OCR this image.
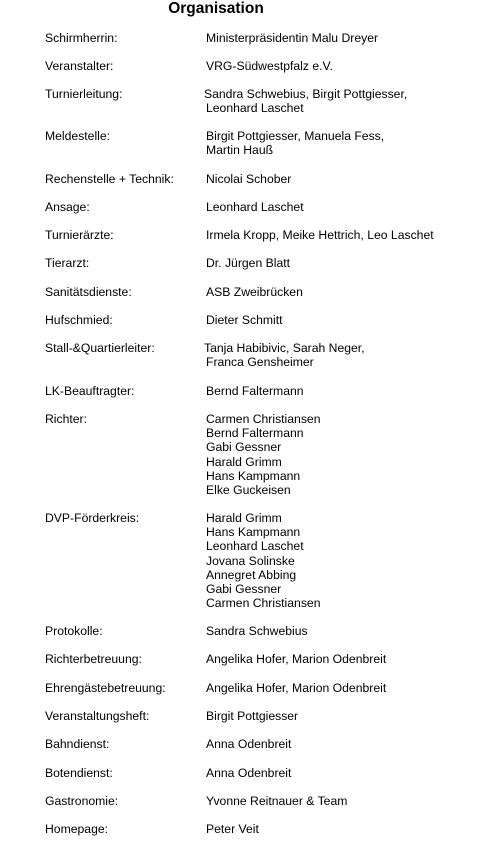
Organisation
Schirmherrin:	Ministerpräsidentin Malu Dreyer
Veranstalter:	VRG-Südwestpfalz e.V.
Turnierleitung:	Sandra Schwebius, Birgit Pottgiesser,
Leonhard Laschet
Meldestelle:	Birgit Pottgiesser, Manuela Fess,
Martin Hauß
Rechenstelle + Technik:	Nicolai Schober
Ansage:	Leonhard Laschet
Turnierärzte:	Irmela Kropp, Meike Hettrich, Leo Laschet
Tierarzt:	Dr. Jürgen Blatt
Sanitätsdienste:	ASB Zweibrücken
Hufschmied:	Dieter Schmitt
Stall-&Quartierleiter:	Tanja Habibivic, Sarah Neger,
Franca Gensheimer
LK-Beauftragter:	Bernd Faltermann
Richter:	Carmen Christiansen
Bernd Faltermann
Gabi Gessner
Harald Grimm
Hans Kampmann
Elke Guckeisen
DVP-Förderkreis:	Harald Grimm
Hans Kampmann
Leonhard Laschet
Jovana Solinske
Annegret Abbing
Gabi Gessner
Carmen Christiansen
Protokolle:	Sandra Schwebius
Richterbetreuung:	Angelika Hofer, Marion Odenbreit
Ehrengästebetreuung:	Angelika Hofer, Marion Odenbreit
Veranstaltungsheft:	Birgit Pottgiesser
Bahndienst:	Anna Odenbreit
Botendienst:	Anna Odenbreit
Gastronomie:	Yvonne Reitnauer & Team
Homepage:	Peter Veit
